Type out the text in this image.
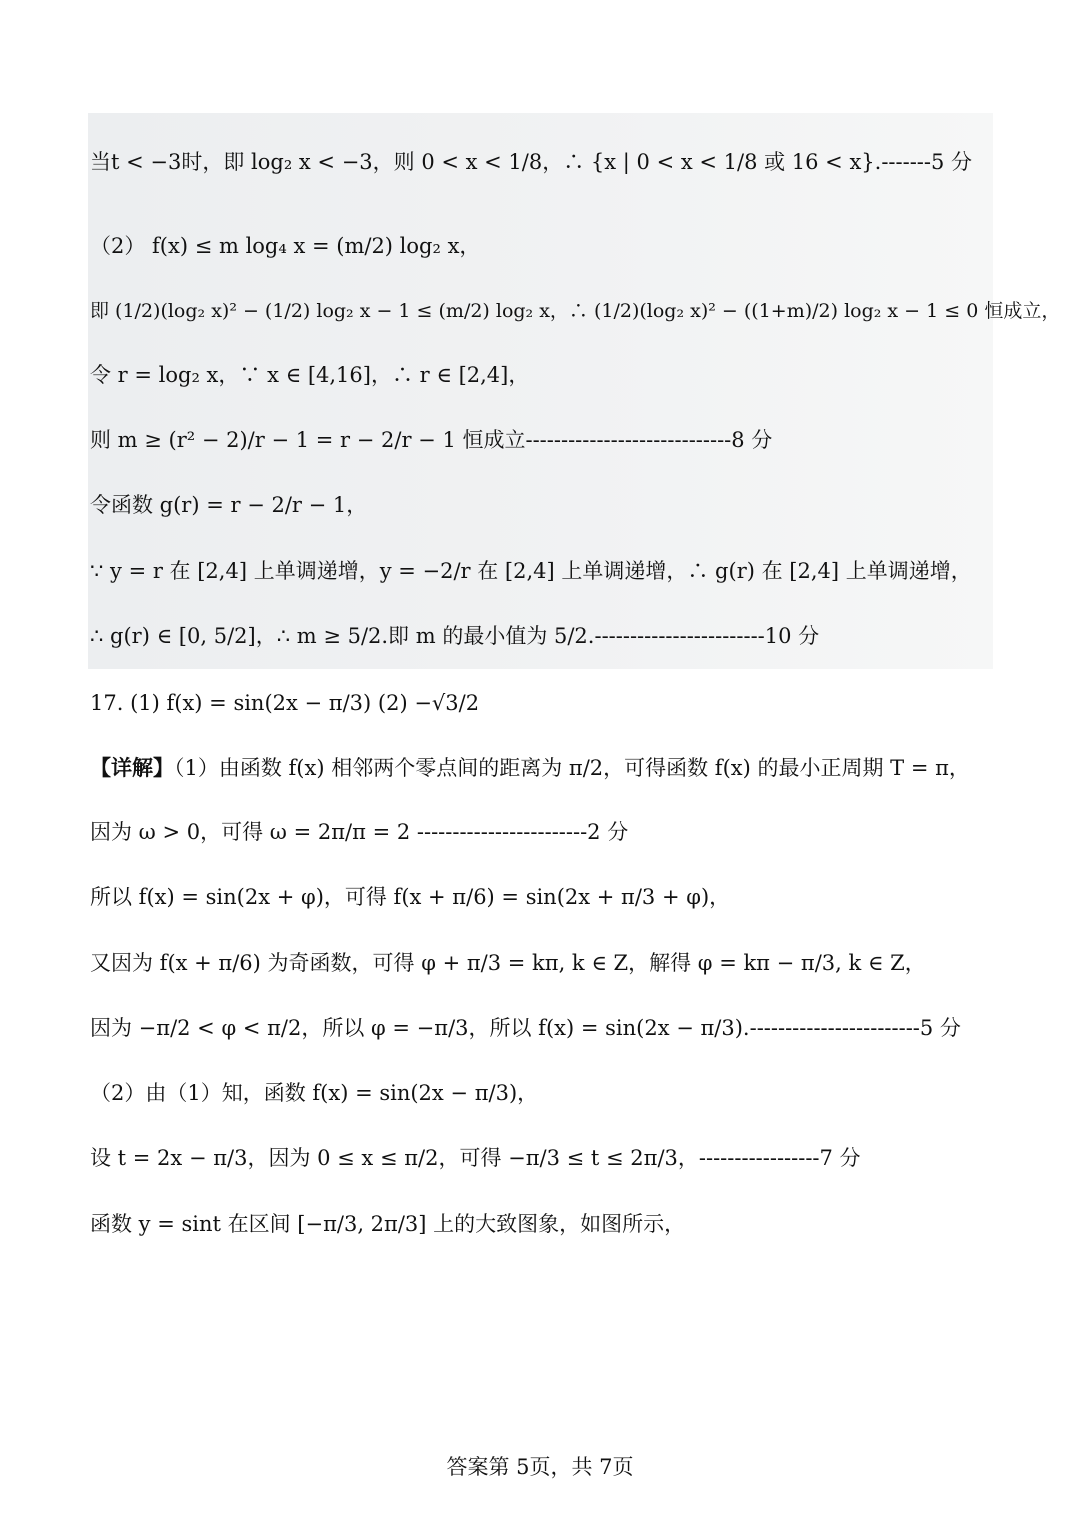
当t < −3时，即 log₂ x < −3，则 0 < x < 1/8，∴ {x | 0 < x < 1/8 或 16 < x}.-------5 分
（2） f(x) ≤ m log₄ x = (m/2) log₂ x，
即 (1/2)(log₂ x)² − (1/2) log₂ x − 1 ≤ (m/2) log₂ x，∴ (1/2)(log₂ x)² − ((1+m)/2) log₂ x − 1 ≤ 0 恒成立，
令 r = log₂ x，∵ x ∈ [4,16]，∴ r ∈ [2,4]，
则 m ≥ (r² − 2)/r − 1 = r − 2/r − 1 恒成立-----------------------------8 分
令函数 g(r) = r − 2/r − 1，
∵ y = r 在 [2,4] 上单调递增，y = −2/r 在 [2,4] 上单调递增，∴ g(r) 在 [2,4] 上单调递增，
∴ g(r) ∈ [0, 5/2]，∴ m ≥ 5/2.即 m 的最小值为 5/2.------------------------10 分
17. (1) f(x) = sin(2x − π/3) (2) −√3/2
【详解】（1）由函数 f(x) 相邻两个零点间的距离为 π/2，可得函数 f(x) 的最小正周期 T = π，
因为 ω > 0，可得 ω = 2π/π = 2 ------------------------2 分
所以 f(x) = sin(2x + φ)，可得 f(x + π/6) = sin(2x + π/3 + φ)，
又因为 f(x + π/6) 为奇函数，可得 φ + π/3 = kπ, k ∈ Z，解得 φ = kπ − π/3, k ∈ Z，
因为 −π/2 < φ < π/2，所以 φ = −π/3，所以 f(x) = sin(2x − π/3).------------------------5 分
（2）由（1）知，函数 f(x) = sin(2x − π/3)，
设 t = 2x − π/3，因为 0 ≤ x ≤ π/2，可得 −π/3 ≤ t ≤ 2π/3，-----------------7 分
函数 y = sint 在区间 [−π/3, 2π/3] 上的大致图象，如图所示，
答案第 5页，共 7页
